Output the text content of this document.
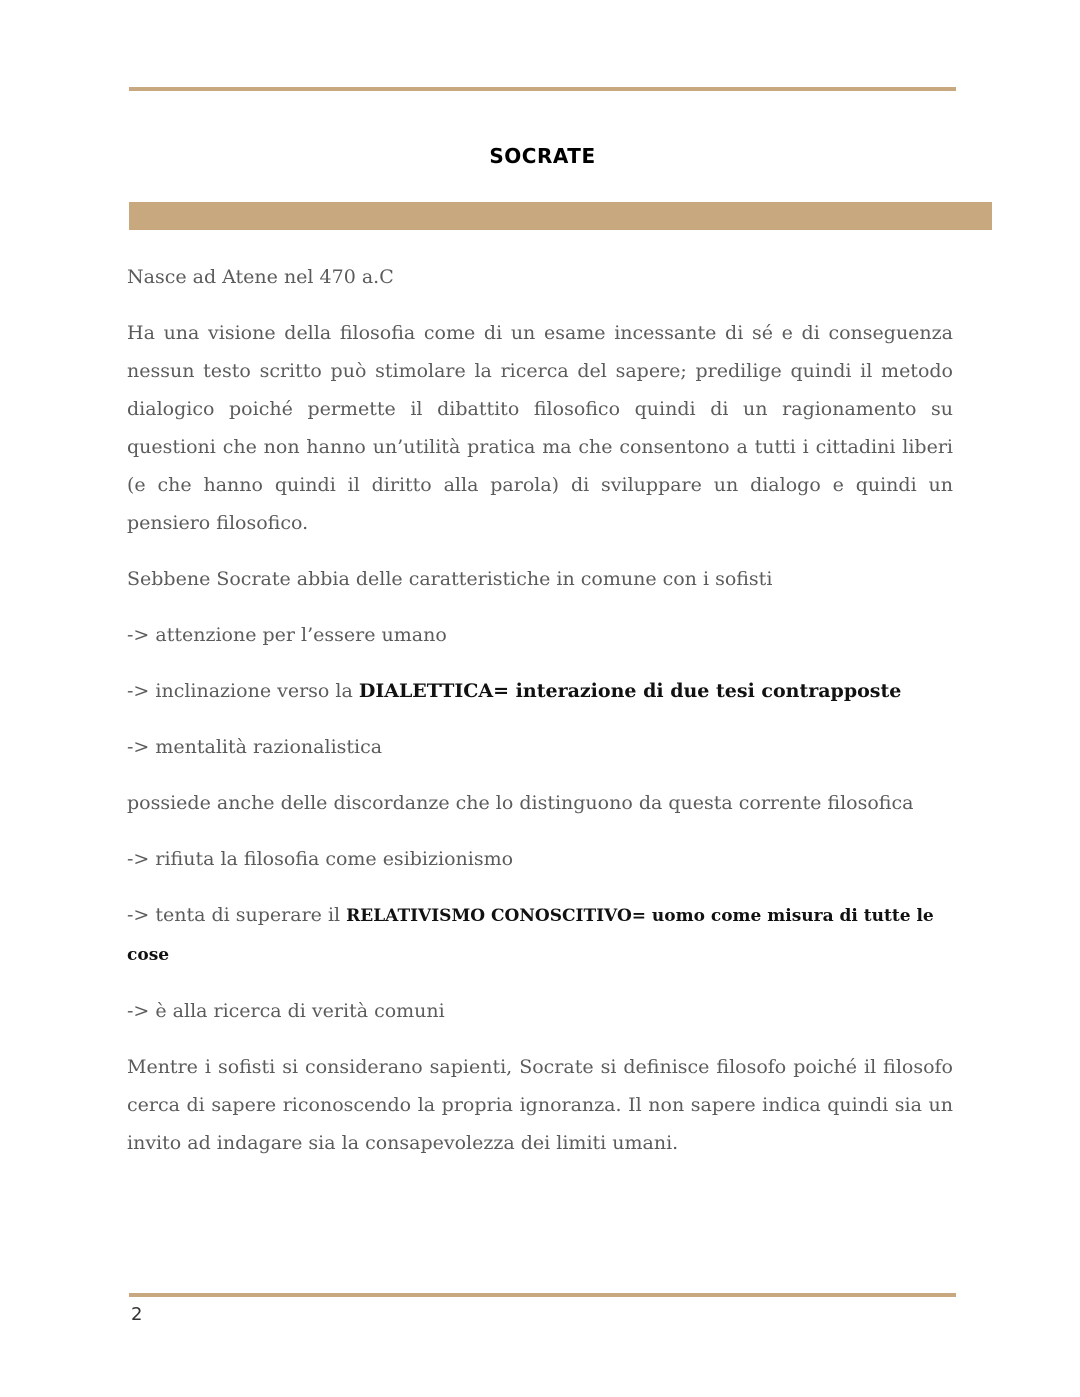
SOCRATE

Nasce ad Atene nel 470 a.C

Ha una visione della filosofia come di un esame incessante di sé e di conseguenza nessun testo scritto può stimolare la ricerca del sapere; predilige quindi il metodo dialogico poiché permette il dibattito filosofico quindi di un ragionamento su questioni che non hanno un’utilità pratica ma che consentono a tutti i cittadini liberi (e che hanno quindi il diritto alla parola) di sviluppare un dialogo e quindi un pensiero filosofico.

Sebbene Socrate abbia delle caratteristiche in comune con i sofisti

-> attenzione per l’essere umano

-> inclinazione verso la DIALETTICA= interazione di due tesi contrapposte

-> mentalità razionalistica

possiede anche delle discordanze che lo distinguono da questa corrente filosofica

-> rifiuta la filosofia come esibizionismo

-> tenta di superare il RELATIVISMO CONOSCITIVO= uomo come misura di tutte le cose

-> è alla ricerca di verità comuni

Mentre i sofisti si considerano sapienti, Socrate si definisce filosofo poiché il filosofo cerca di sapere riconoscendo la propria ignoranza. Il non sapere indica quindi sia un invito ad indagare sia la consapevolezza dei limiti umani.

2
